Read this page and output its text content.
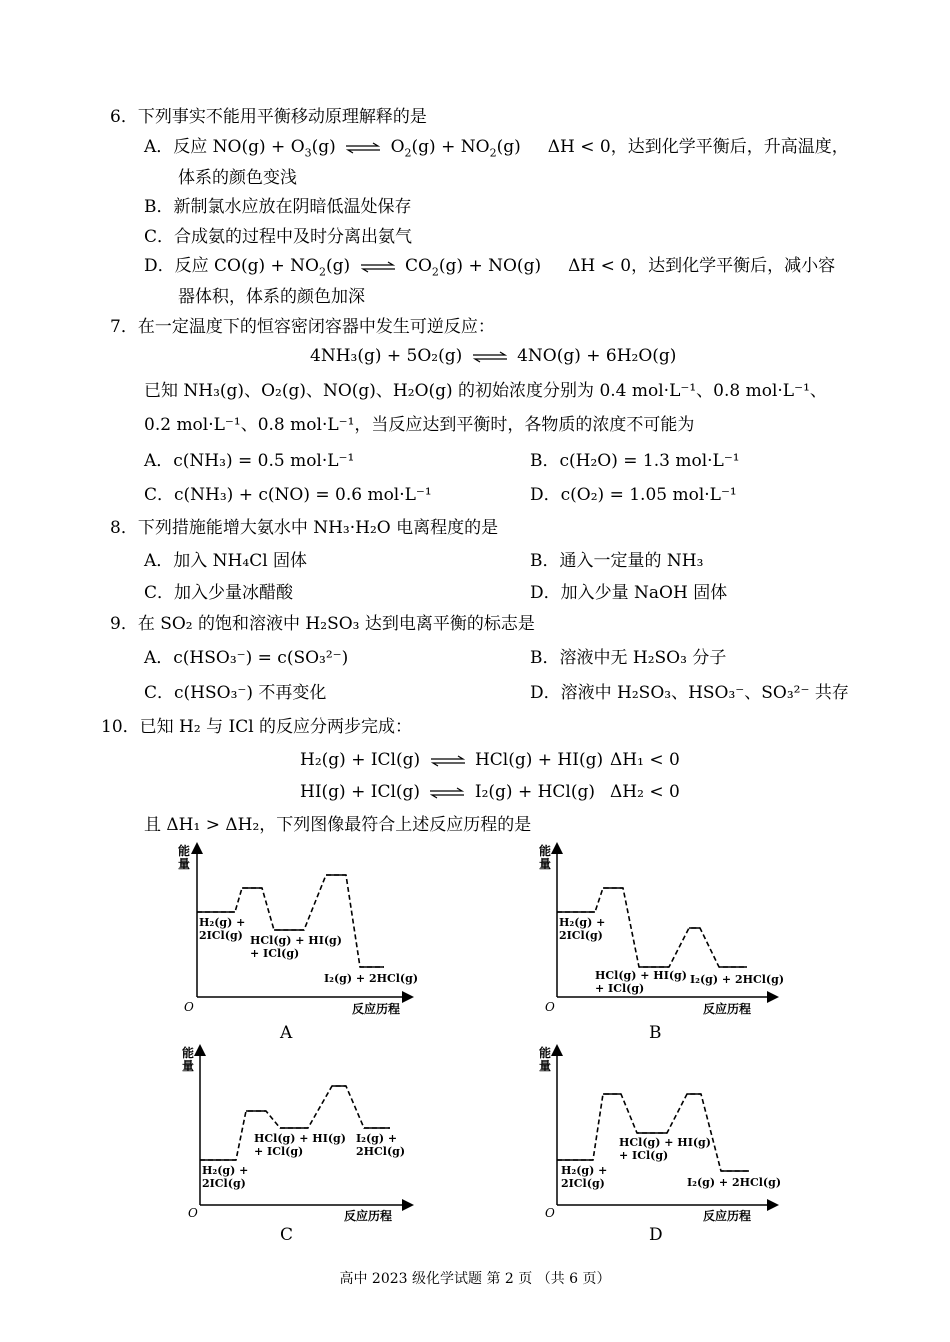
6．下列事实不能用平衡移动原理解释的是
A．反应 $NO(g) + O_3(g)$ ⇌ $O_2(g) + NO_2(g) \Delta H < 0$，达到化学平衡后，升高温度，
体系的颜色变浅
B．新制氯水应放在阴暗低温处保存
C．合成氨的过程中及时分离出氨气
D．反应 $CO(g) + NO_2(g)$ ⇌ $CO_2(g) + NO(g) \Delta H < 0$，达到化学平衡后，减小容
器体积，体系的颜色加深
7．在一定温度下的恒容密闭容器中发生可逆反应：
4NH₃(g) + 5O₂(g) ⇌ 4NO(g) + 6H₂O(g)
已知 NH₃(g)、O₂(g)、NO(g)、H₂O(g) 的初始浓度分别为 0.4 mol·L⁻¹、0.8 mol·L⁻¹、
0.2 mol·L⁻¹、0.8 mol·L⁻¹，当反应达到平衡时，各物质的浓度不可能为
A．c(NH₃) = 0.5 mol·L⁻¹	B．c(H₂O) = 1.3 mol·L⁻¹
C．c(NH₃) + c(NO) = 0.6 mol·L⁻¹	D．c(O₂) = 1.05 mol·L⁻¹
8．下列措施能增大氨水中 NH₃·H₂O 电离程度的是
A．加入 NH₄Cl 固体	B．通入一定量的 NH₃
C．加入少量冰醋酸	D．加入少量 NaOH 固体
9．在 SO₂ 的饱和溶液中 H₂SO₃ 达到电离平衡的标志是
A．c(HSO₃⁻) = c(SO₃²⁻)	B．溶液中无 H₂SO₃ 分子
C．c(HSO₃⁻) 不再变化	D．溶液中 H₂SO₃、HSO₃⁻、SO₃²⁻ 共存
10．已知 H₂ 与 ICl 的反应分两步完成：
H₂(g) + ICl(g) ⇌ HCl(g) + HI(g) ΔH₁ < 0
HI(g) + ICl(g) ⇌ I₂(g) + HCl(g) ΔH₂ < 0
且 ΔH₁ > ΔH₂，下列图像最符合上述反应历程的是
能
量
O	反应历程
H₂(g) +
2ICl(g) HCl(g) + HI(g)
+ ICl(g)
I₂(g) + 2HCl(g)
A
能
量
O	反应历程
H₂(g) +
2ICl(g)
HCl(g) + HI(g)
+ ICl(g)
I₂(g) + 2HCl(g)
B
能
量
O	反应历程
H₂(g) +
2ICl(g)
HCl(g) + HI(g)
+ ICl(g)
I₂(g) +
2HCl(g)
C
能
量
O	反应历程
H₂(g) +
2ICl(g)
HCl(g) + HI(g)
+ ICl(g)
I₂(g) + 2HCl(g)
D
高中 2023 级化学试题 第 2 页 （共 6 页）
